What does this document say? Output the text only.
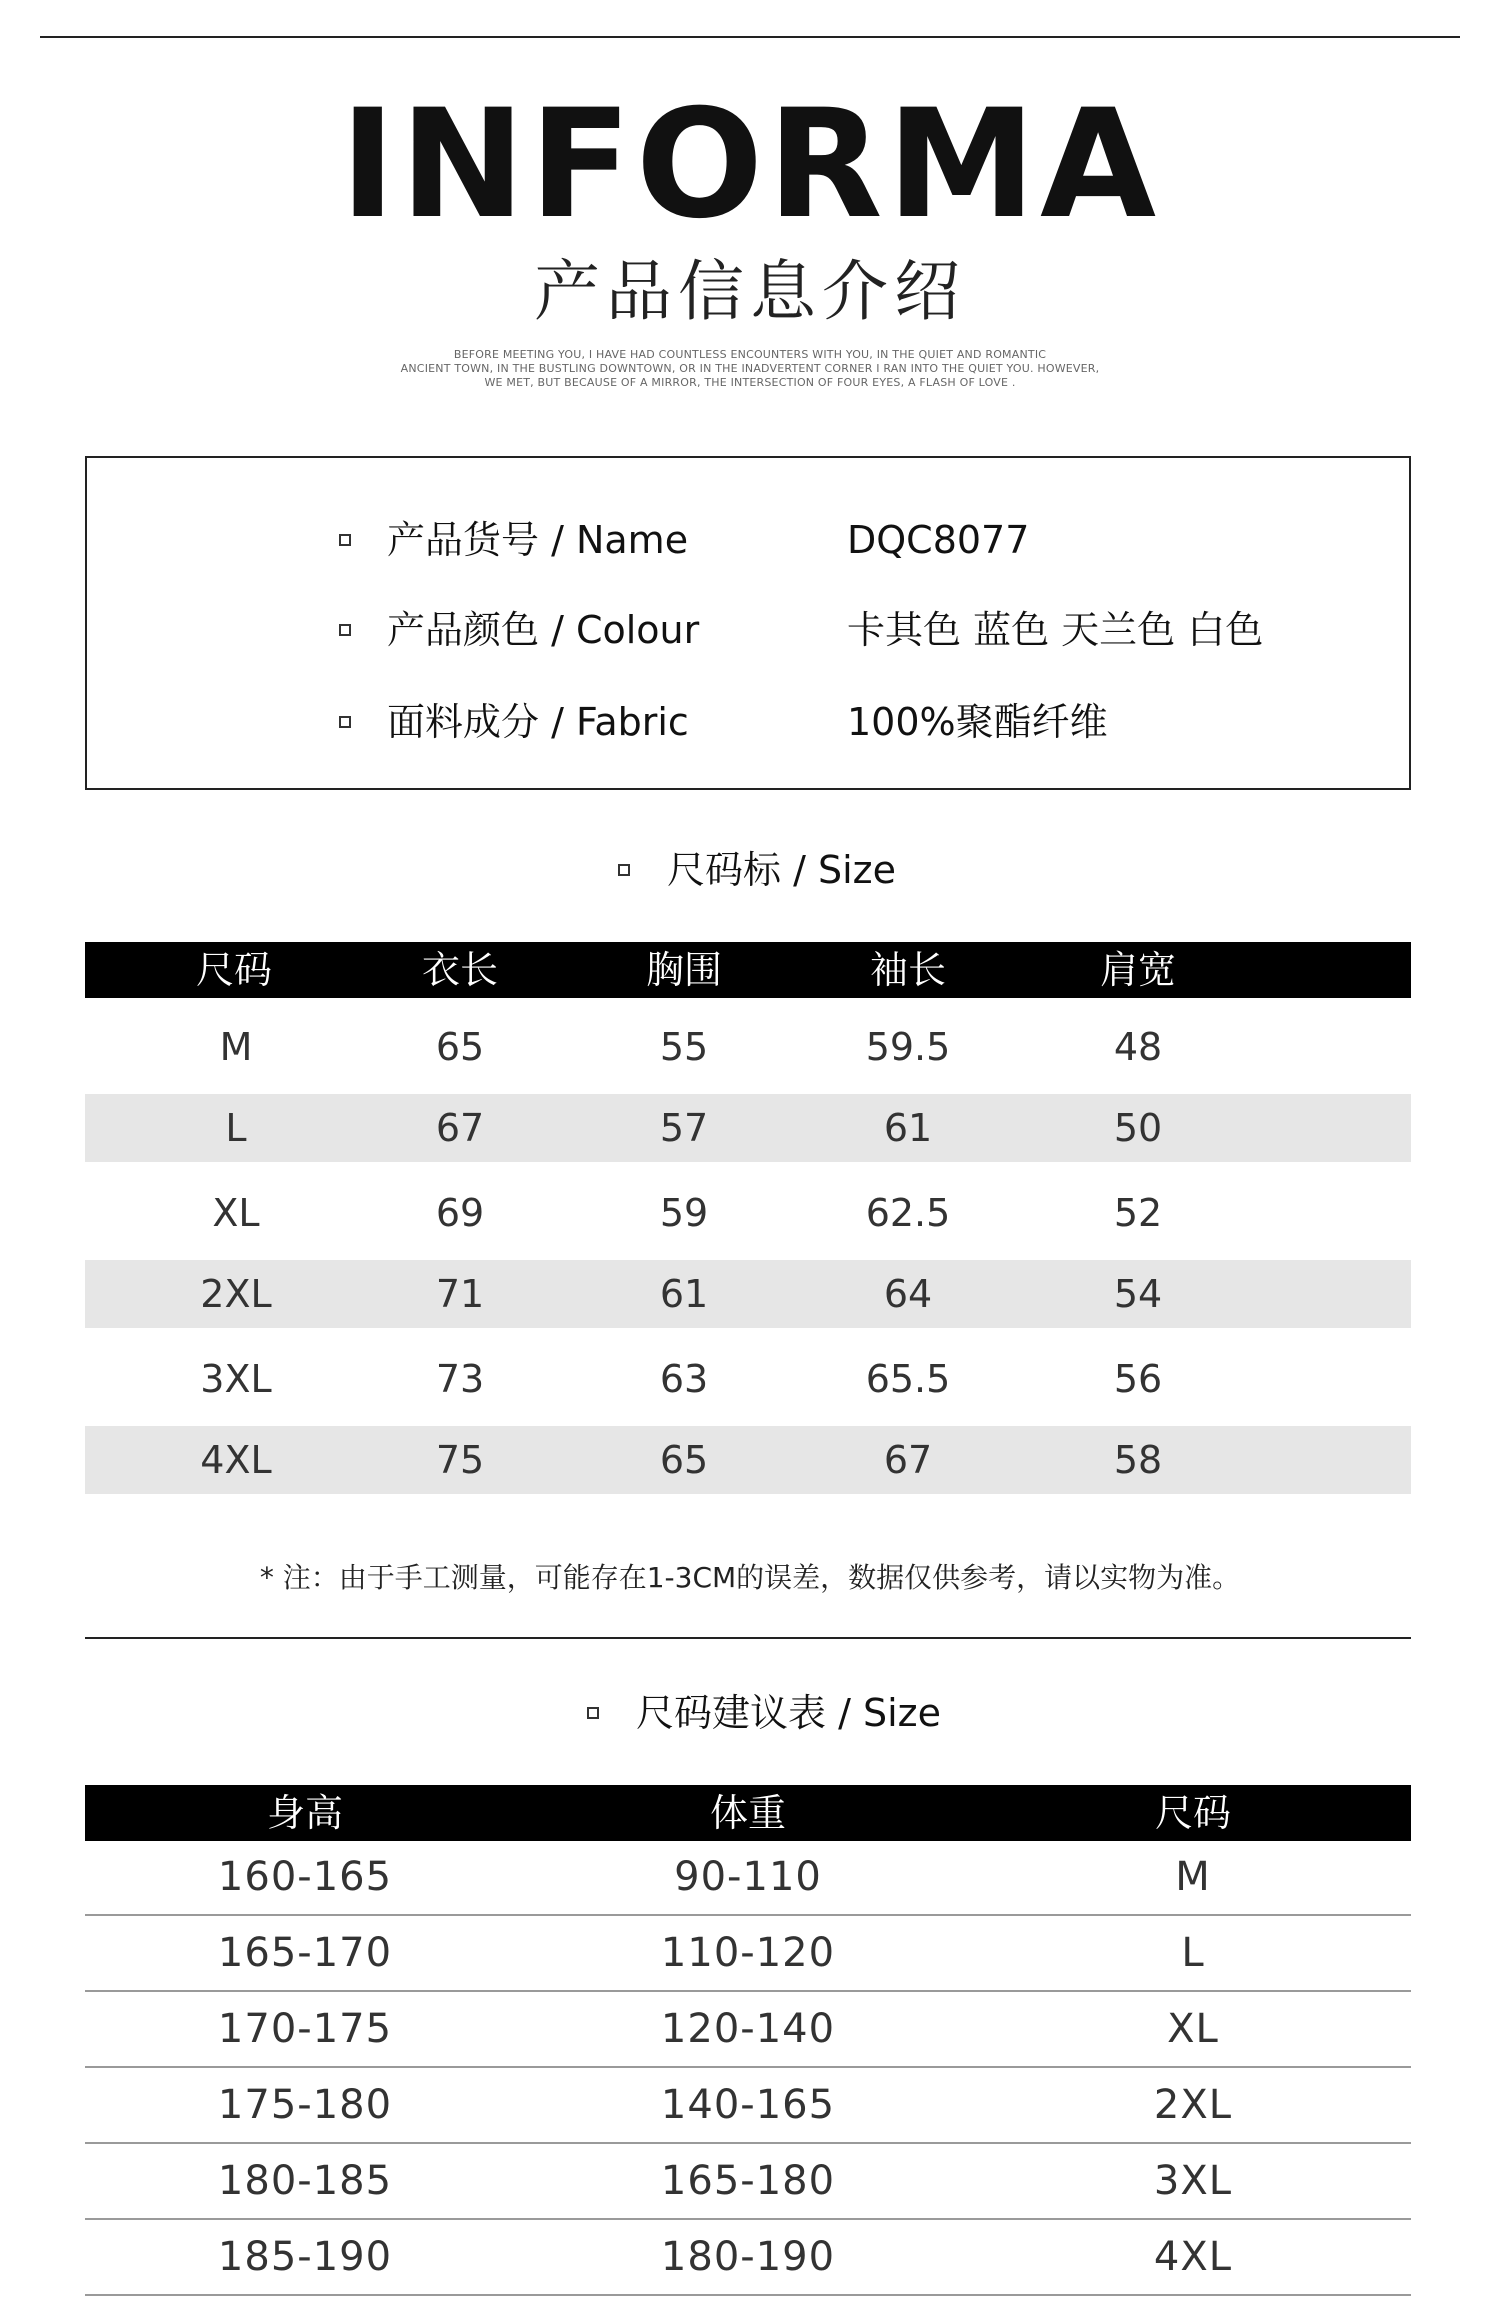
INFORMA
产品信息介绍
BEFORE MEETING YOU, I HAVE HAD COUNTLESS ENCOUNTERS WITH YOU, IN THE QUIET AND ROMANTIC
ANCIENT TOWN, IN THE BUSTLING DOWNTOWN, OR IN THE INADVERTENT CORNER I RAN INTO THE QUIET YOU. HOWEVER,
WE MET, BUT BECAUSE OF A MIRROR, THE INTERSECTION OF FOUR EYES, A FLASH OF LOVE .
产品货号 / Name	DQC8077
产品颜色 / Colour	卡其色 蓝色 天兰色 白色
面料成分 / Fabric	100%聚酯纤维
尺码标 / Size
尺码	衣长	胸围	袖长	肩宽
M	65	55	59.5	48
L	67	57	61	50
XL	69	59	62.5	52
2XL	71	61	64	54
3XL	73	63	65.5	56
4XL	75	65	67	58
* 注：由于手工测量，可能存在1-3CM的误差，数据仅供参考，请以实物为准。
尺码建议表 / Size
身高	体重	尺码
160-165	90-110	M
165-170	110-120	L
170-175	120-140	XL
175-180	140-165	2XL
180-185	165-180	3XL
185-190	180-190	4XL
